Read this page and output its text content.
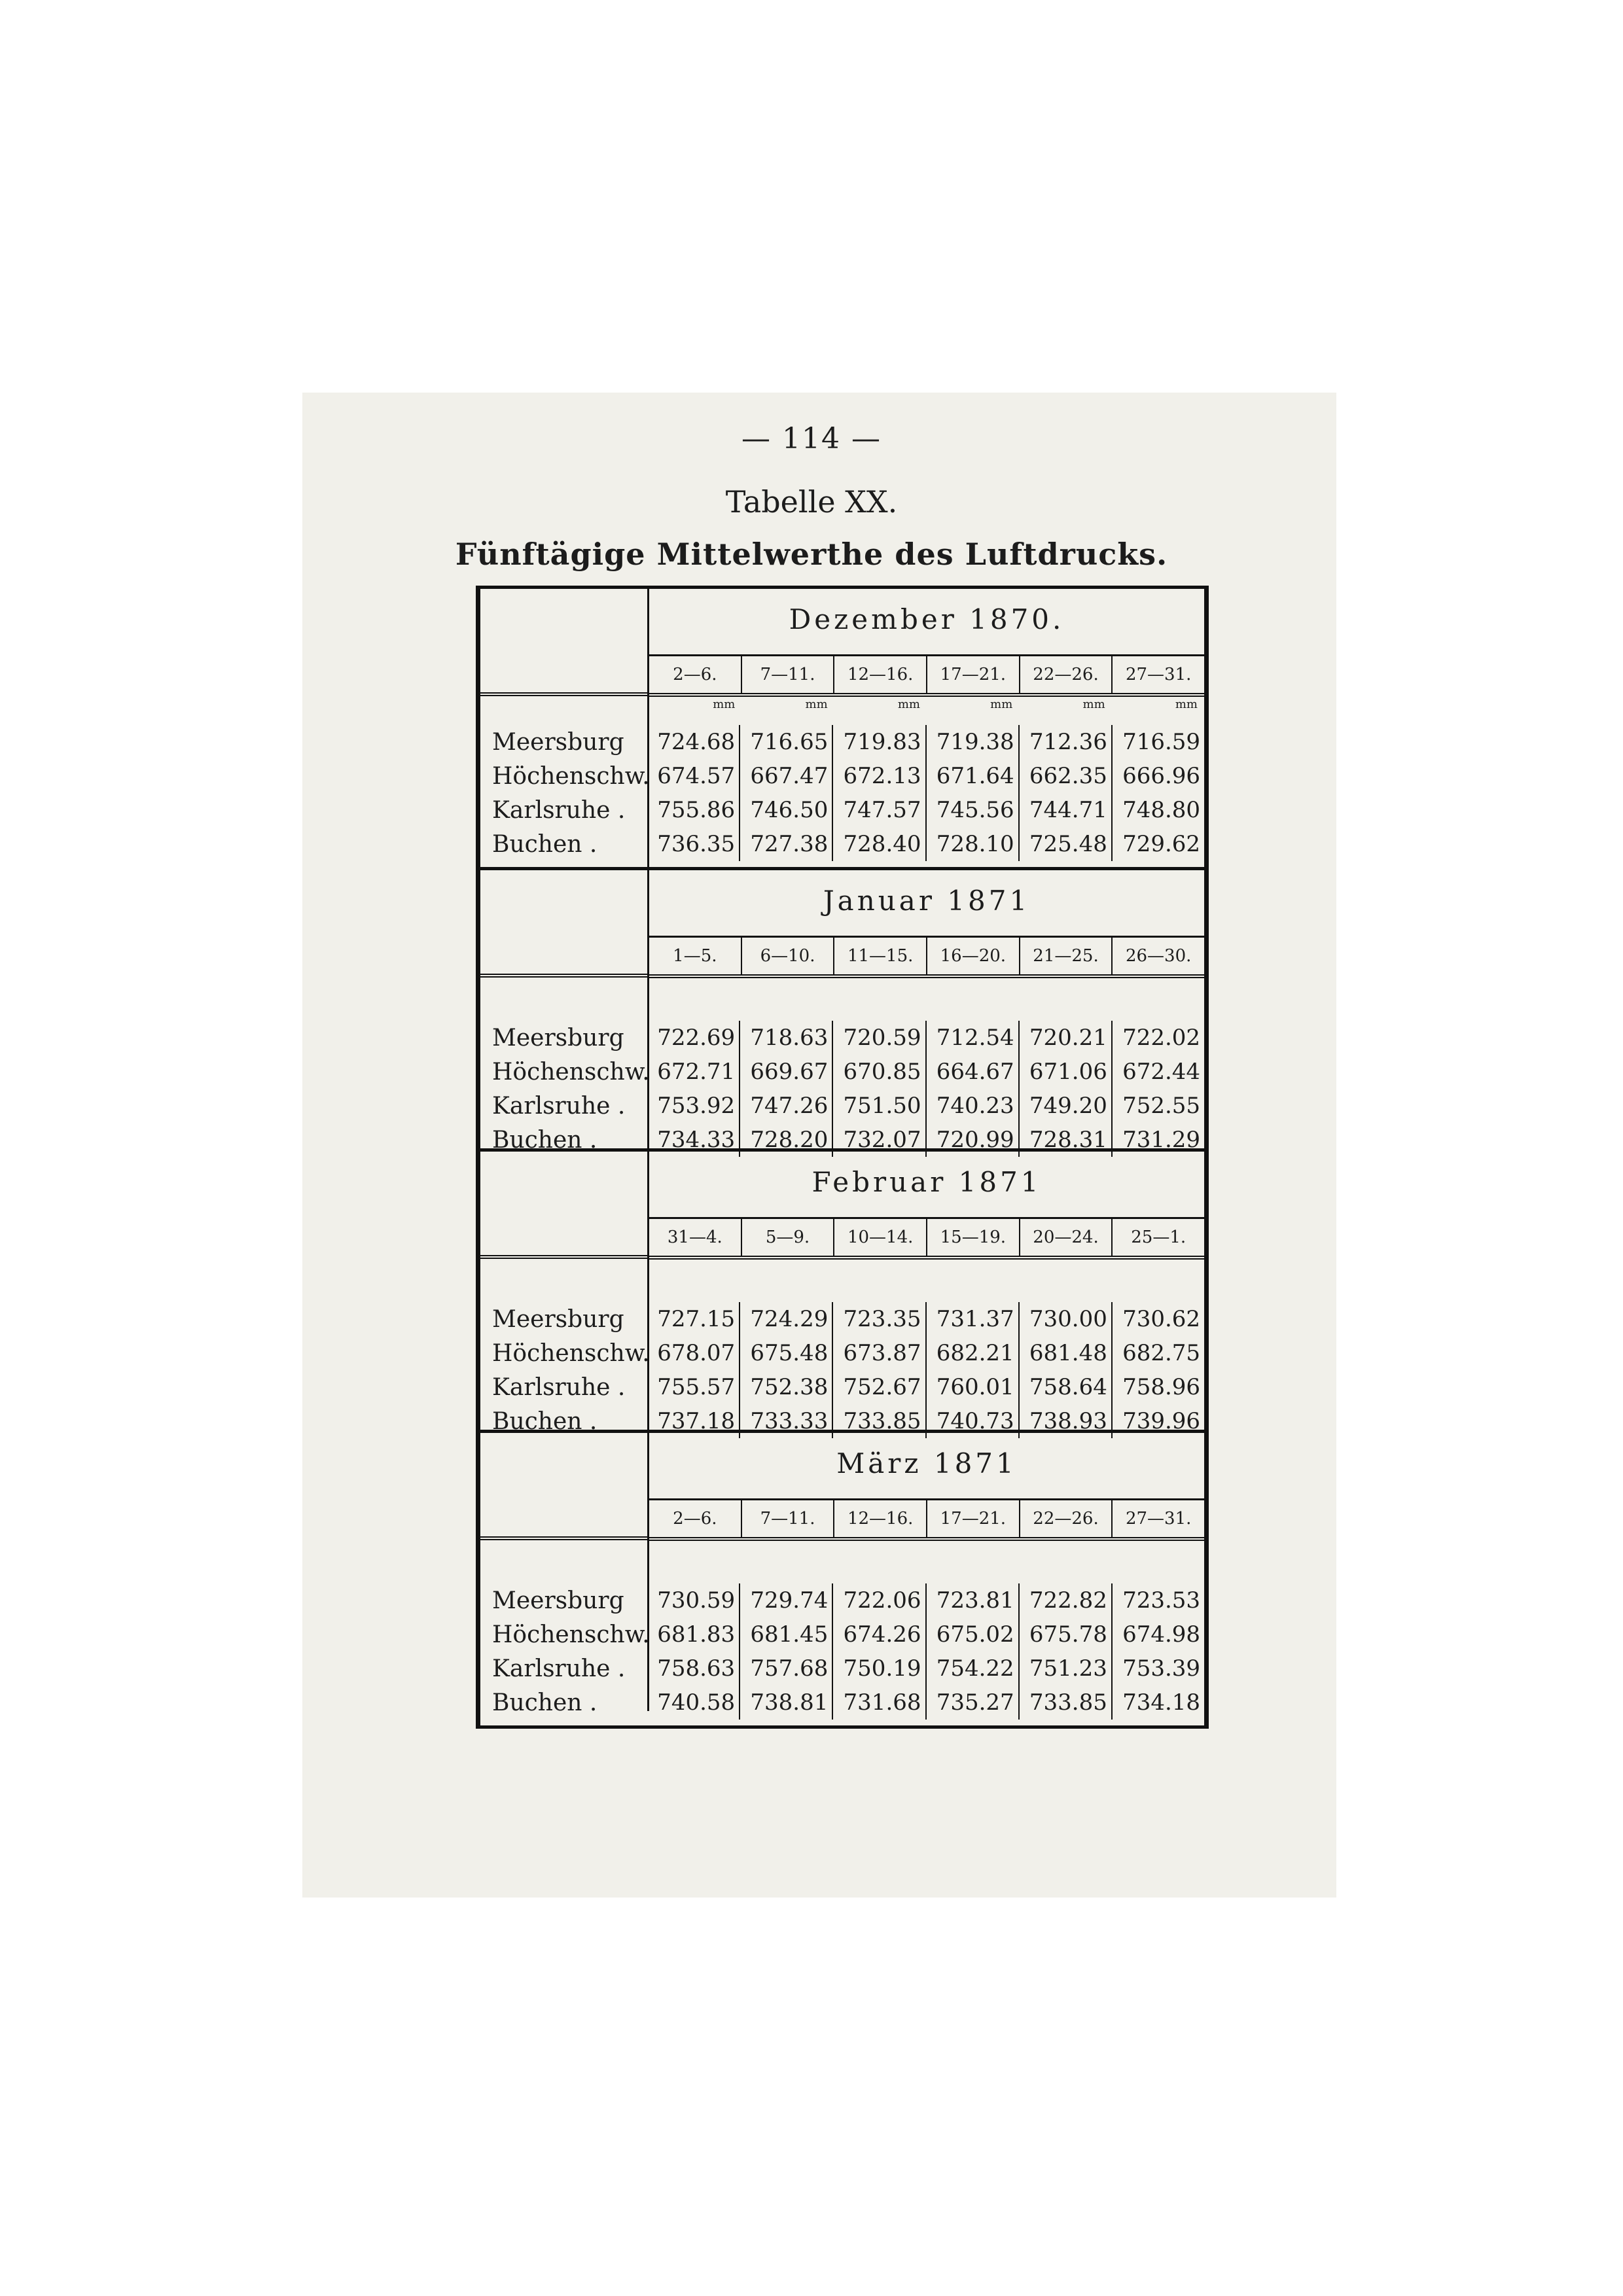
— 114 —
Tabelle XX.
Fünftägige Mittelwerthe des Luftdrucks.
Dezember 1870.
2—6.	7—11.	12—16.	17—21.	22—26.	27—31.
mm	mm	mm	mm	mm	mm
Meersburg	724.68 716.65 719.83 719.38 712.36 716.59
Höchenschw. 674.57 667.47 672.13 671.64 662.35 666.96
Karlsruhe .	755.86 746.50 747.57 745.56 744.71 748.80
Buchen .	736.35 727.38 728.40 728.10 725.48 729.62
Januar 1871
1—5.	6—10.	11—15.	16—20.	21—25.	26—30.
Meersburg	722.69 718.63 720.59 712.54 720.21 722.02
Höchenschw. 672.71 669.67 670.85 664.67 671.06 672.44
Karlsruhe .	753.92 747.26 751.50 740.23 749.20 752.55
Buchen .	734.33 728.20 732.07 720.99 728.31 731.29
Februar 1871
31—4.	5—9.	10—14.	15—19.	20—24.	25—1.
Meersburg	727.15 724.29 723.35 731.37 730.00 730.62
Höchenschw. 678.07 675.48 673.87 682.21 681.48 682.75
Karlsruhe .	755.57 752.38 752.67 760.01 758.64 758.96
Buchen .	737.18 733.33 733.85 740.73 738.93 739.96
März 1871
2—6.	7—11.	12—16.	17—21.	22—26.	27—31.
Meersburg	730.59 729.74 722.06 723.81 722.82 723.53
Höchenschw. 681.83 681.45 674.26 675.02 675.78 674.98
Karlsruhe .	758.63 757.68 750.19 754.22 751.23 753.39
Buchen .	740.58 738.81 731.68 735.27 733.85 734.18
